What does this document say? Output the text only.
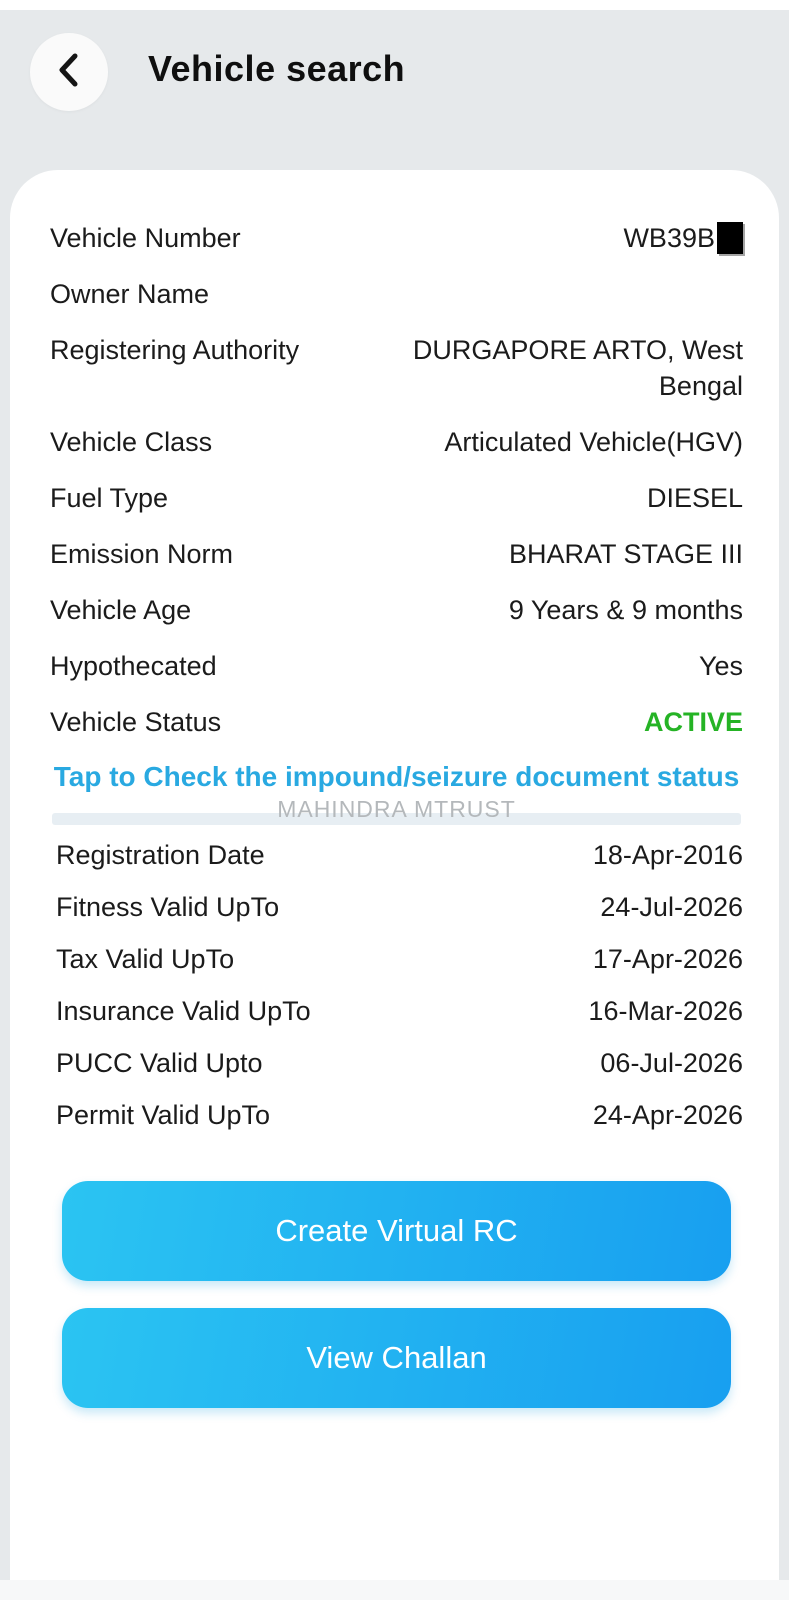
Vehicle search
Vehicle Number	WB39B
Owner Name
Registering Authority	DURGAPORE ARTO, West Bengal
Vehicle Class	Articulated Vehicle(HGV)
Fuel Type	DIESEL
Emission Norm	BHARAT STAGE III
Vehicle Age	9 Years & 9 months
Hypothecated	Yes
Vehicle Status	ACTIVE
Tap to Check the impound/seizure document status
MAHINDRA MTRUST
Registration Date	18-Apr-2016
Fitness Valid UpTo	24-Jul-2026
Tax Valid UpTo	17-Apr-2026
Insurance Valid UpTo	16-Mar-2026
PUCC Valid Upto	06-Jul-2026
Permit Valid UpTo	24-Apr-2026
Create Virtual RC
View Challan
